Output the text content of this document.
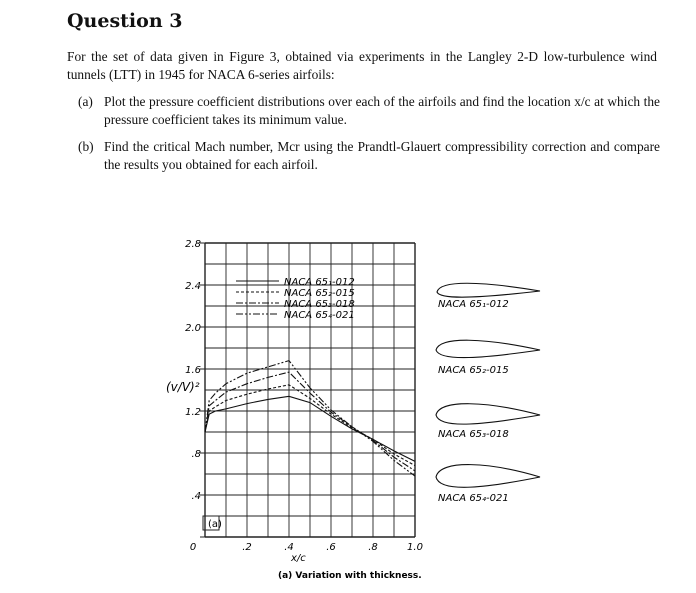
Question 3
For the set of data given in Figure 3, obtained via experiments in the Langley 2-D low-turbulence wind tunnels (LTT) in 1945 for NACA 6-series airfoils:
(a) Plot the pressure coefficient distributions over each of the airfoils and find the location x/c at which the pressure coefficient takes its minimum value.
(b) Find the critical Mach number, Mcr using the Prandtl-Glauert compressibility correction and compare the results you obtained for each airfoil.
.4
.8
1.2
1.6
2.0
2.4
2.8
0	.2	.4	.6	.8	1.0
(a)
(v/V)²
x/c
(a) Variation with thickness.
NACA 65₁-012
NACA 65₂-015
NACA 65₃-018
NACA 65₄-021
NACA 65₁-012
NACA 65₂-015
NACA 65₃-018
NACA 65₄-021
